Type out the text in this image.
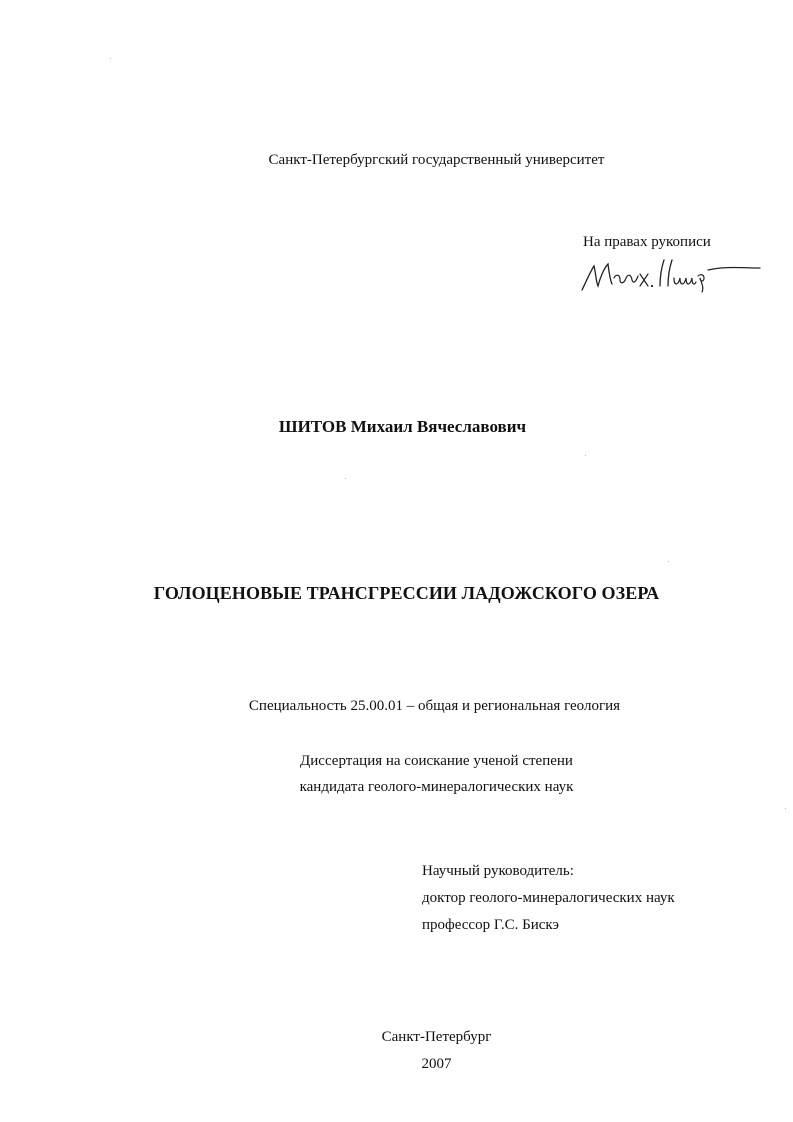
Санкт-Петербургский государственный университет
На правах рукописи
ШИТОВ Михаил Вячеславович
ГОЛОЦЕНОВЫЕ ТРАНСГРЕССИИ ЛАДОЖСКОГО ОЗЕРА
Специальность 25.00.01 – общая и региональная геология
Диссертация на соискание ученой степени
кандидата геолого-минералогических наук
Научный руководитель:
доктор геолого-минералогических наук
профессор Г.С. Бискэ
Санкт-Петербург
2007
